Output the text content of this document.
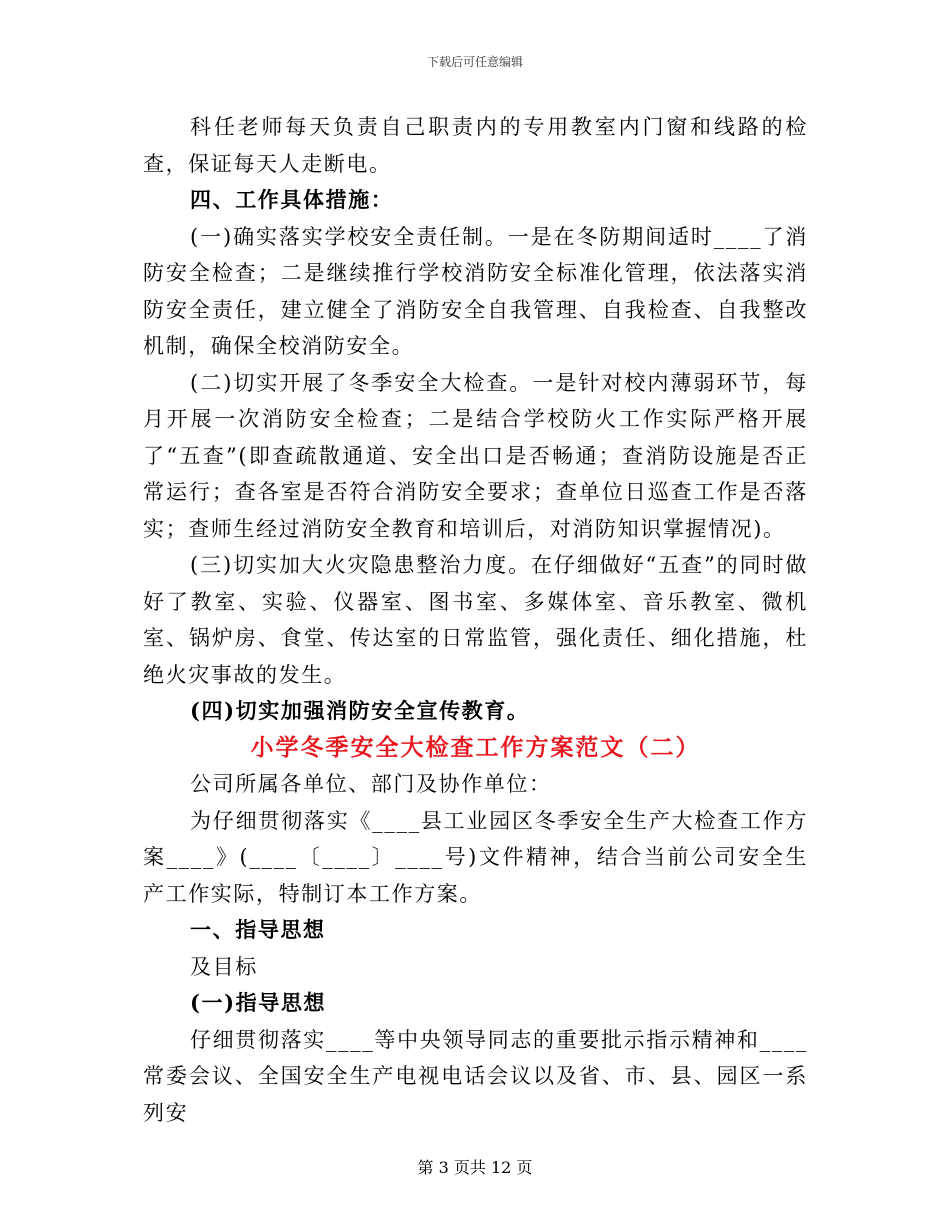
下载后可任意编辑

科任老师每天负责自己职责内的专用教室内门窗和线路的检查，保证每天人走断电。

四、工作具体措施：

(一)确实落实学校安全责任制。一是在冬防期间适时____了消防安全检查；二是继续推行学校消防安全标准化管理，依法落实消防安全责任，建立健全了消防安全自我管理、自我检查、自我整改机制，确保全校消防安全。

(二)切实开展了冬季安全大检查。一是针对校内薄弱环节，每月开展一次消防安全检查；二是结合学校防火工作实际严格开展了“五查”(即查疏散通道、安全出口是否畅通；查消防设施是否正常运行；查各室是否符合消防安全要求；查单位日巡查工作是否落实；查师生经过消防安全教育和培训后，对消防知识掌握情况)。

(三)切实加大火灾隐患整治力度。在仔细做好“五查”的同时做好了教室、实验、仪器室、图书室、多媒体室、音乐教室、微机室、锅炉房、食堂、传达室的日常监管，强化责任、细化措施，杜绝火灾事故的发生。

(四)切实加强消防安全宣传教育。

小学冬季安全大检查工作方案范文（二）

公司所属各单位、部门及协作单位：

为仔细贯彻落实《____县工业园区冬季安全生产大检查工作方案____》(____〔____〕____号)文件精神，结合当前公司安全生产工作实际，特制订本工作方案。

一、指导思想

及目标

(一)指导思想

仔细贯彻落实____等中央领导同志的重要批示指示精神和____常委会议、全国安全生产电视电话会议以及省、市、县、园区一系列安

第 3 页共 12 页
